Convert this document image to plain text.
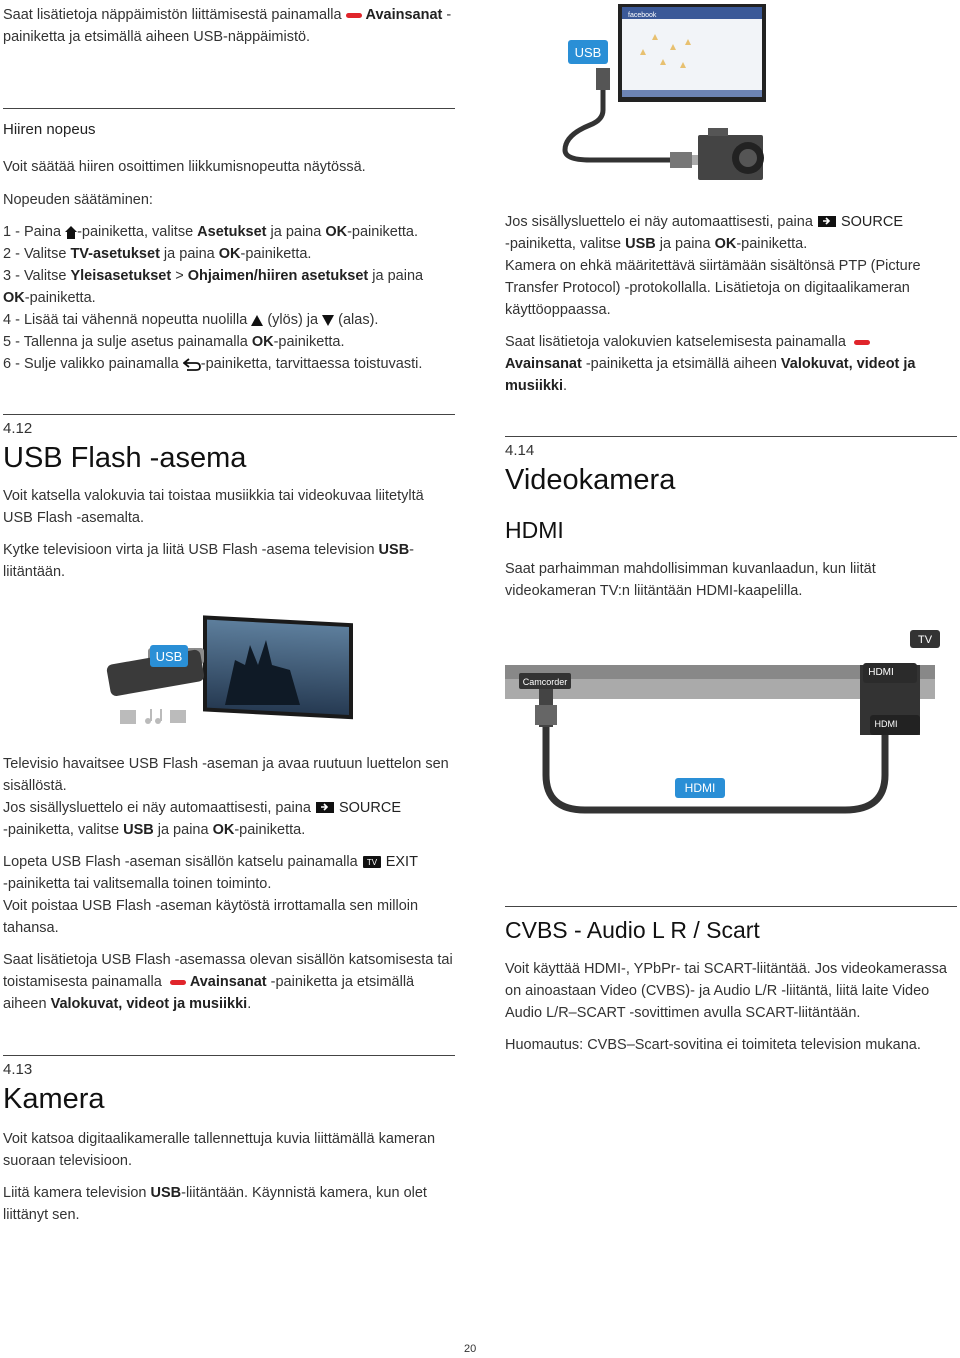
Saat lisätietoja näppäimistön liittämisestä painamalla Avainsanat -painiketta ja etsimällä aiheen USB-näppäimistö.

Hiiren nopeus

Voit säätää hiiren osoittimen liikkumisnopeutta näytössä.

Nopeuden säätäminen:

1 - Paina -painiketta, valitse Asetukset ja paina OK-painiketta.

2 - Valitse TV-asetukset ja paina OK-painiketta.

3 - Valitse Yleisasetukset > Ohjaimen/hiiren asetukset ja paina
OK-painiketta.

4 - Lisää tai vähennä nopeutta nuolilla  (ylös) ja  (alas).

5 - Tallenna ja sulje asetus painamalla OK-painiketta.

6 - Sulje valikko painamalla -painiketta, tarvittaessa toistuvasti.

4.12
USB Flash -asema

Voit katsella valokuvia tai toistaa musiikkia tai videokuvaa liitetyltä USB Flash -asemalta.

Kytke televisioon virta ja liitä USB Flash -asema television USB-liitäntään.

USB

Televisio havaitsee USB Flash -aseman ja avaa ruutuun luettelon sen sisällöstä.

Jos sisällysluettelo ei näy automaattisesti, paina  SOURCE
-painiketta, valitse USB ja paina OK-painiketta.

Lopeta USB Flash -aseman sisällön katselu painamalla TV EXIT
-painiketta tai valitsemalla toinen toiminto.

Voit poistaa USB Flash -aseman käytöstä irrottamalla sen milloin tahansa.

Saat lisätietoja USB Flash -asemassa olevan sisällön katsomisesta tai toistamisesta painamalla Avainsanat -painiketta ja etsimällä aiheen Valokuvat, videot ja musiikki.

4.13
Kamera

Voit katsoa digitaalikameralle tallennettuja kuvia liittämällä kameran suoraan televisioon.

Liitä kamera television USB-liitäntään. Käynnistä kamera, kun olet liittänyt sen.

facebook
USB

Jos sisällysluettelo ei näy automaattisesti, paina  SOURCE
-painiketta, valitse USB ja paina OK-painiketta.

Kamera on ehkä määritettävä siirtämään sisältönsä PTP (Picture Transfer Protocol) -protokollalla. Lisätietoja on digitaalikameran käyttöoppaassa.

Saat lisätietoja valokuvien katselemisesta painamalla
Avainsanat -painiketta ja etsimällä aiheen Valokuvat, videot ja musiikki.

4.14
Videokamera
HDMI

Saat parhaimman mahdollisimman kuvanlaadun, kun liität videokameran TV:n liitäntään HDMI-kaapelilla.

HDMI
HDMI
TV
Camcorder
HDMI
CVBS - Audio L R / Scart

Voit käyttää HDMI-, YPbPr- tai SCART-liitäntää. Jos videokamerassa on ainoastaan Video (CVBS)- ja Audio L/R -liitäntä, liitä laite Video Audio L/R–SCART -sovittimen avulla SCART-liitäntään.

Huomautus: CVBS–Scart-sovitina ei toimiteta television mukana.

20
